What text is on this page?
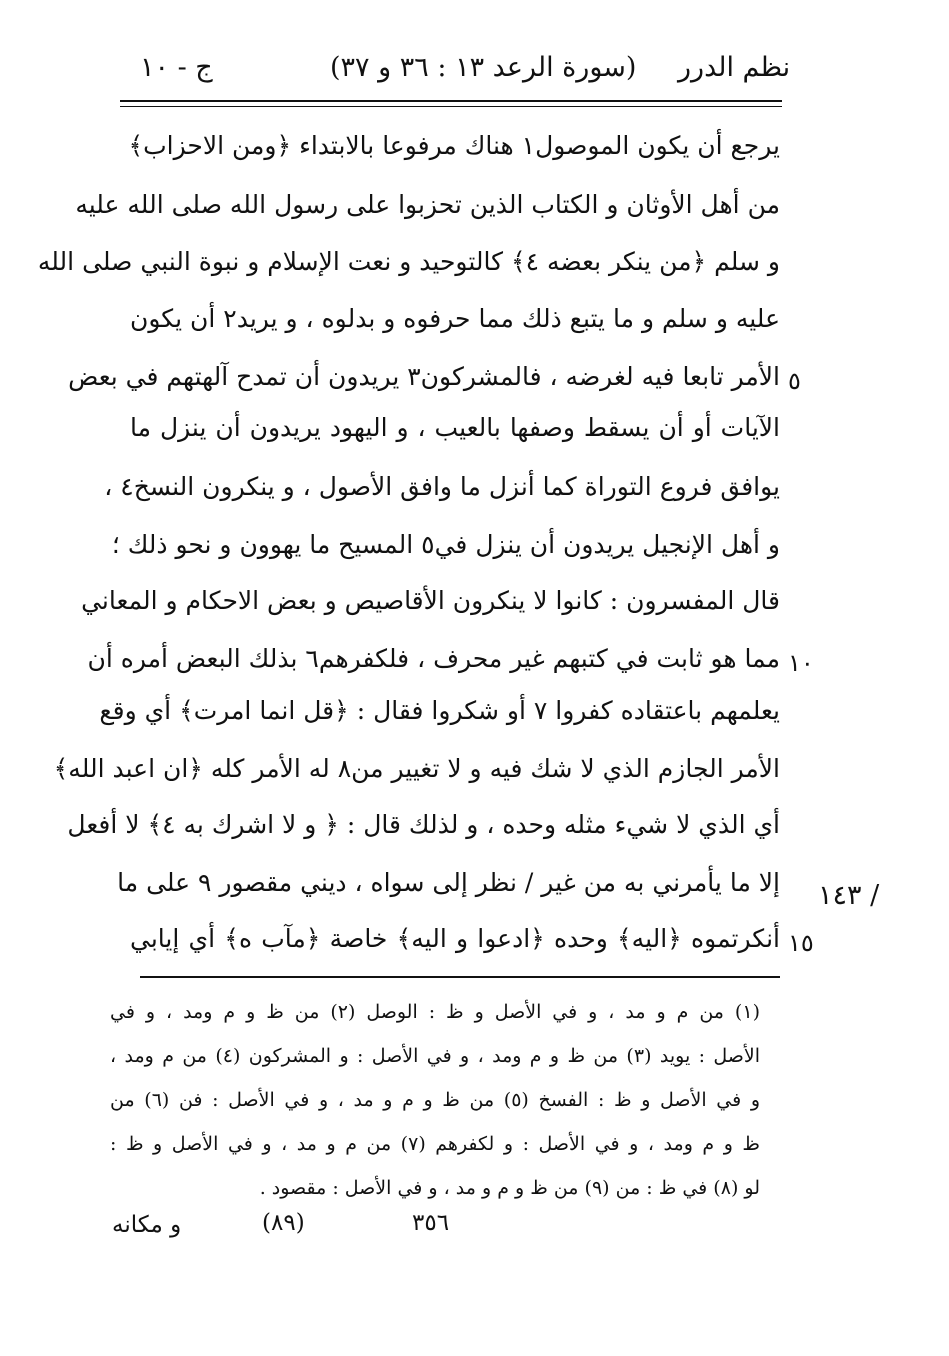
نظم الدرر
(سورة الرعد ١٣ : ٣٦ و ٣٧)
ج - ١٠
يرجع أن يكون الموصول١ هناك مرفوعا بالابتداء ﴿ومن الاحزاب﴾
من أهل الأوثان و الكتاب الذين تحزبوا على رسول الله صلى الله عليه
و سلم ﴿من ينكر بعضه ٤﴾ كالتوحيد و نعت الإسلام و نبوة النبي صلى الله
عليه و سلم و ما يتبع ذلك مما حرفوه و بدلوه ، و يريد٢ أن يكون
الأمر تابعا فيه لغرضه ، فالمشركون٣ يريدون أن تمدح آلهتهم في بعض
الآيات أو أن يسقط وصفها بالعيب ، و اليهود يريدون أن ينزل ما
يوافق فروع التوراة كما أنزل ما وافق الأصول ، و ينكرون النسخ٤ ،
و أهل الإنجيل يريدون أن ينزل في٥ المسيح ما يهوون و نحو ذلك ؛
قال المفسرون : كانوا لا ينكرون الأقاصيص و بعض الاحكام و المعاني
مما هو ثابت في كتبهم غير محرف ، فلكفرهم٦ بذلك البعض أمره أن
يعلمهم باعتقاده كفروا ٧ أو شكروا فقال : ﴿قل انما امرت﴾ أي وقع
الأمر الجازم الذي لا شك فيه و لا تغيير من٨ له الأمر كله ﴿ان اعبد الله﴾
أي الذي لا شيء مثله وحده ، و لذلك قال : ﴿ و لا اشرك به ٤﴾ لا أفعل
إلا ما يأمرني به من غير / نظر إلى سواه ، ديني مقصور ٩ على ما
أنكرتموه ﴿اليه﴾ وحده ﴿ادعوا و اليه﴾ خاصة ﴿مآب ه﴾ أي إيابي
٥
١٠
١٥
١٤٣ /
(١) من م و مد ، و في الأصل و ظ : الوصل (٢) من ظ و م ومد ، و في
الأصل : يويد (٣) من ظ و م ومد ، و في الأصل : و المشركون (٤) من م ومد ،
و في الأصل و ظ : الفسخ (٥) من ظ و م و مد ، و في الأصل : فن (٦) من
ظ و م ومد ، و في الأصل : و لكفرهم (٧) من م و مد ، و في الأصل و ظ :
لو (٨) في ظ : من (٩) من ظ و م و مد ، و في الأصل : مقصود .
٣٥٦
(٨٩)
و مكانه
